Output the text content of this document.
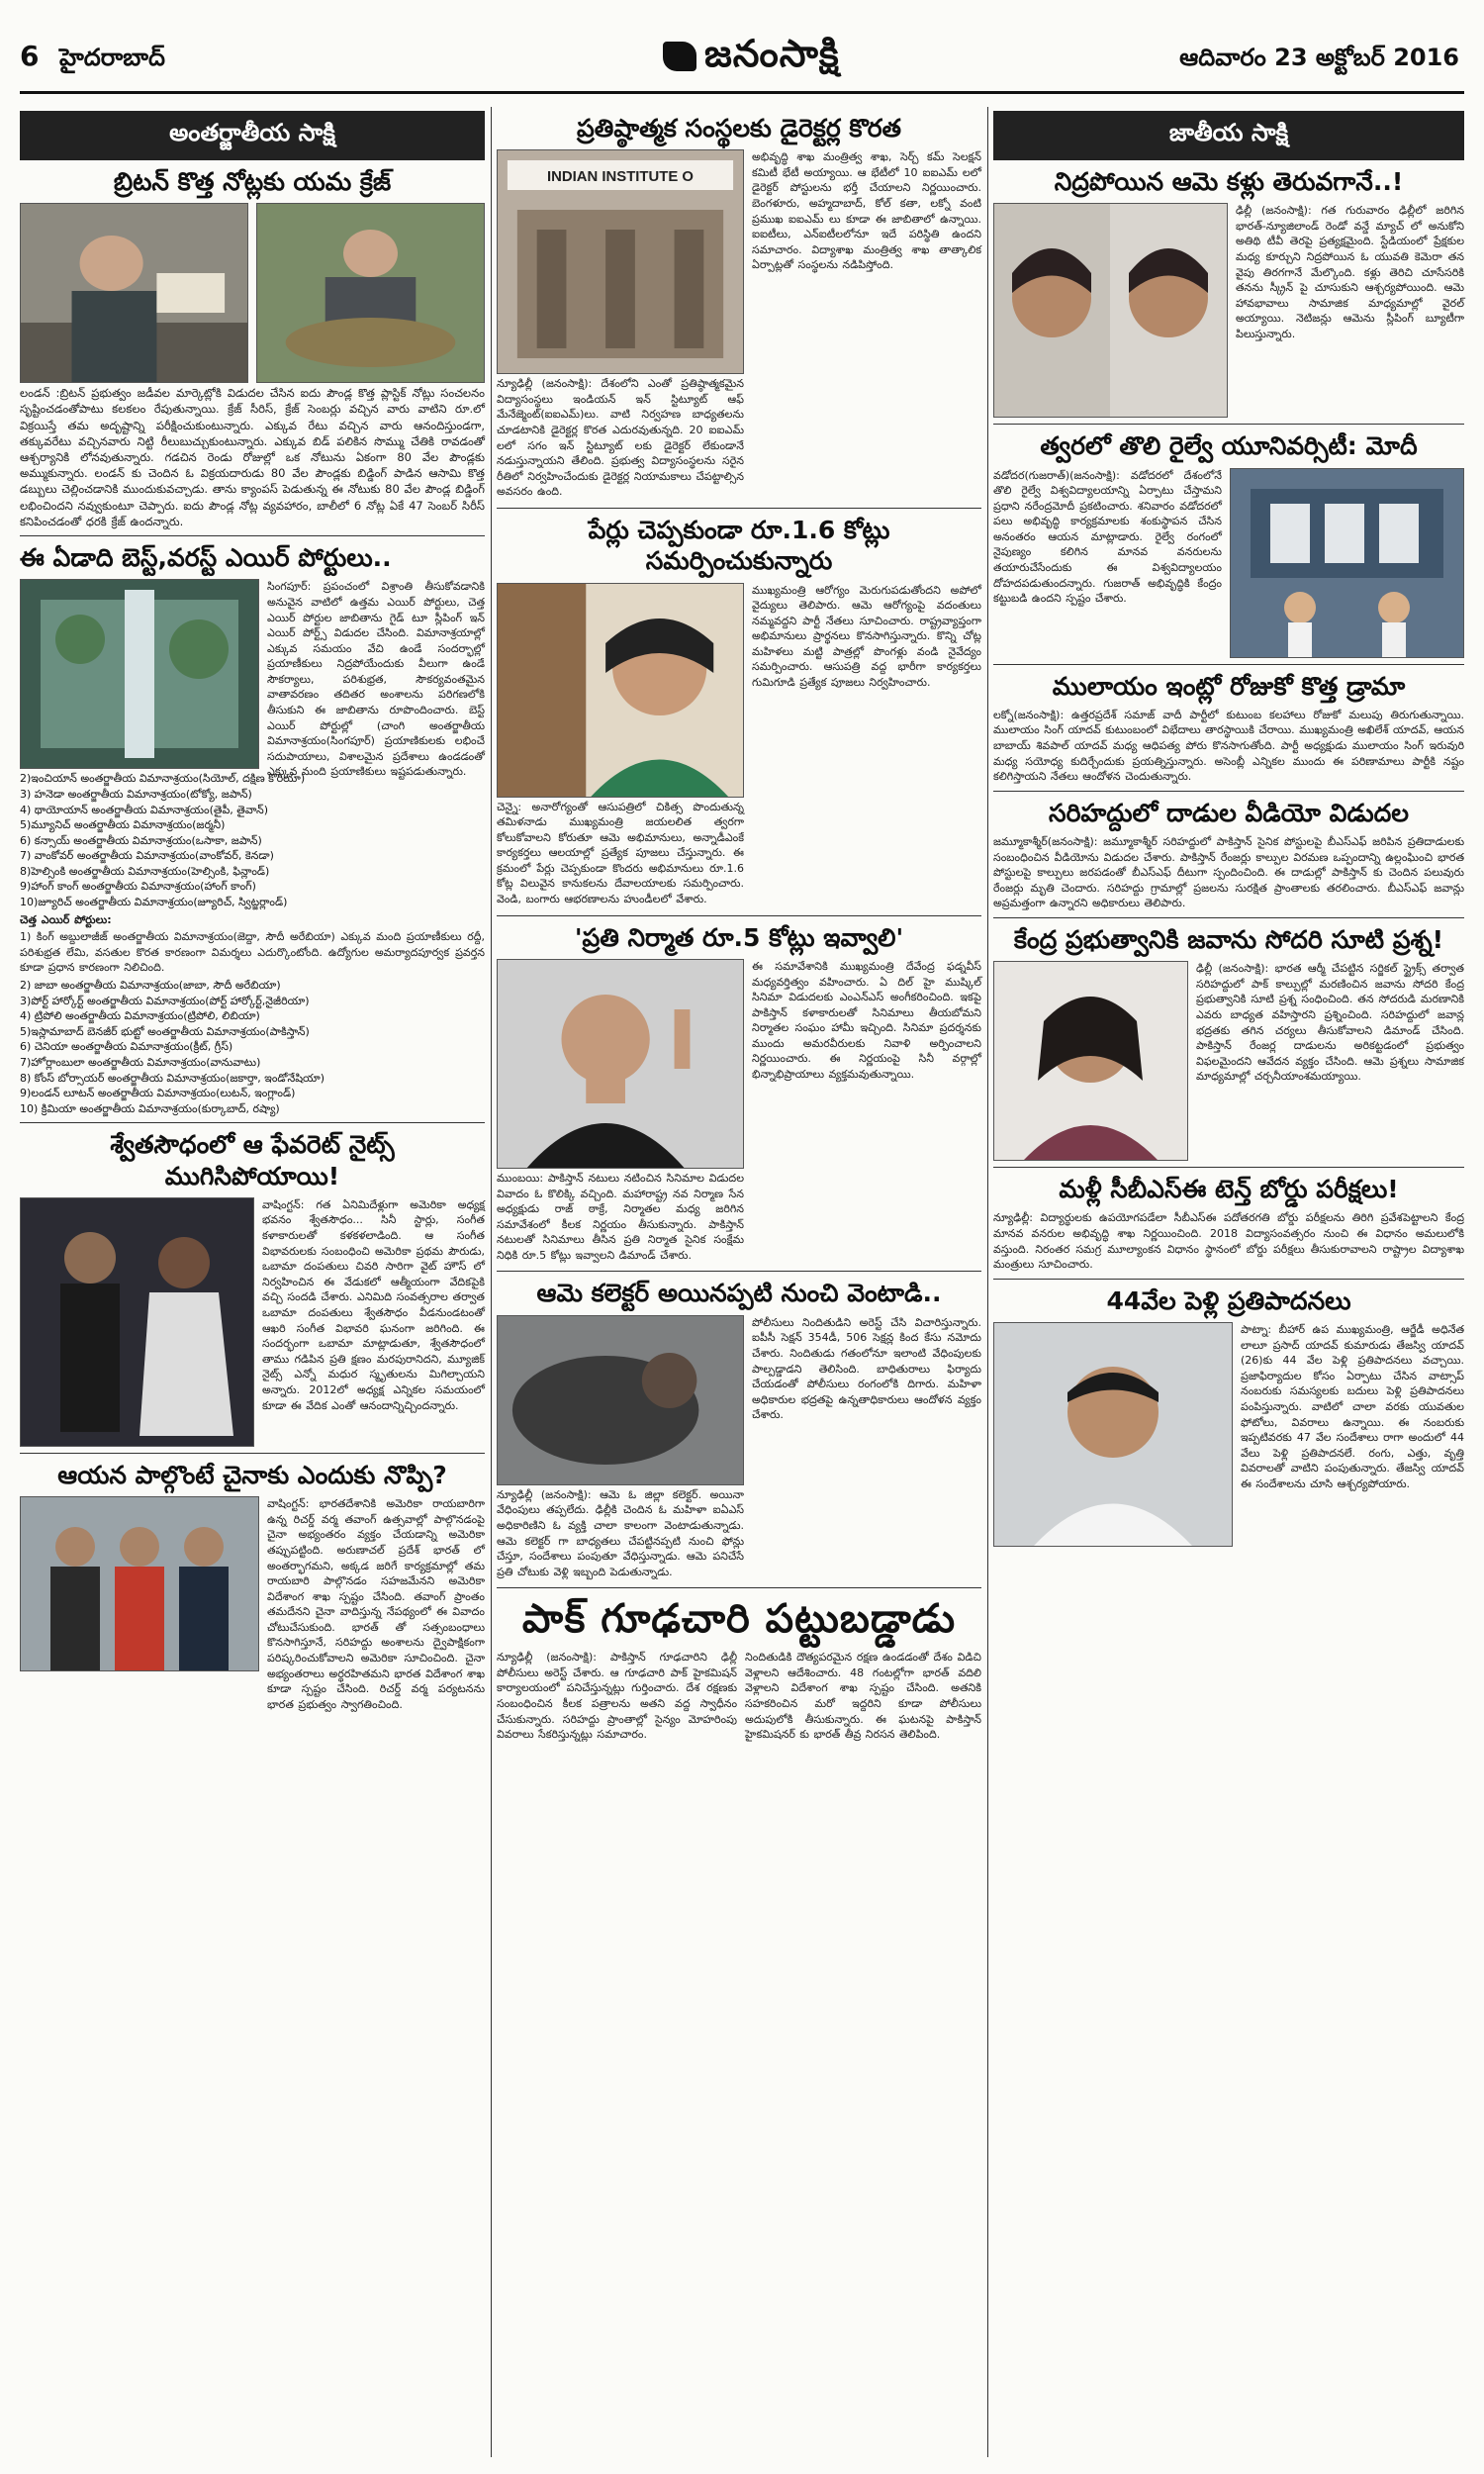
6 హైదరాబాద్	జనంసాక్షి	ఆదివారం 23 అక్టోబర్ 2016
అంతర్జాతీయ సాక్షి
బ్రిటన్ కొత్త నోట్లకు యమ క్రేజ్

లండన్ :బ్రిటన్ ప్రభుత్వం జడీవల మార్కెట్లోకి విడుదల చేసిన ఐదు పౌండ్ల కొత్త ప్లాస్టిక్ నోట్లు సంచలనం సృష్టించడంతోపాటు కలకలం రేపుతున్నాయి. క్రేజ్ సీరిస్, క్రేజ్ సెంబర్లు వచ్చిన వారు వాటిని రూ.లో విక్రయిస్తే తమ అదృష్టాన్ని పరీక్షించుకుంటున్నారు. ఎక్కువ రేటు వచ్చిన వారు ఆనందిస్తుండగా, తక్కువరేటు వచ్చినవారు నిట్టి రీలుబుచ్చుకుంటున్నారు. ఎక్కువ బిడ్ పలికిన సొమ్ము చేతికి రావడంతో ఆశ్చర్యానికి లోనవుతున్నారు. గడచిన రెండు రోజుల్లో ఒక నోటును ఏకంగా 80 వేల పౌండ్లకు అమ్ముకున్నారు. లండన్ కు చెందిన ఓ విక్రయదారుడు 80 వేల పౌండ్లకు బిడ్డింగ్ పాడిన ఆసామి కొత్త డబ్బులు చెల్లించడానికి ముందుకువచ్చాడు. తాను క్యాంపస్ పెడుతున్న ఈ నోటుకు 80 వేల పౌండ్ల బిడ్డింగ్ లభించిందని నవ్వుకుంటూ చెప్పారు. ఐదు పౌండ్ల నోట్ల వ్యవహారం, బాలీలో 6 నోట్ల ఏకే 47 సెంబర్ సిరీస్ కనిపించడంతో ధరకి క్రేజ్ ఉందన్నారు.

ఈ ఏడాది బెస్ట్,వరస్ట్ ఎయిర్ పోర్టులు..

సింగపూర్: ప్రపంచంలో విశ్రాంతి తీసుకోవడానికి అనువైన వాటిలో ఉత్తమ ఎయిర్ పోర్టులు, చెత్త ఎయిర్ పోర్టుల జాబితాను గైడ్ టూ స్లీపింగ్ ఇన్ ఎయిర్ పోర్ట్స్ విడుదల చేసింది. విమానాశ్రయాల్లో ఎక్కువ సమయం వేచి ఉండే సందర్భాల్లో ప్రయాణీకులు నిద్రపోయేందుకు వీలుగా ఉండే సౌకర్యాలు, పరిశుభ్రత, సౌకర్యవంతమైన వాతావరణం తదితర అంశాలను పరిగణలోకి తీసుకుని ఈ జాబితాను రూపొందించారు. బెస్ట్ ఎయిర్ పోర్టుల్లో (చాంగి అంతర్జాతీయ విమానాశ్రయం(సింగపూర్) ప్రయాణికులకు లభించే సదుపాయాలు, విశాలమైన ప్రదేశాలు ఉండడంతో ఎక్కువ మంది ప్రయాణికులు ఇష్టపడుతున్నారు.

2)ఇంచియాన్ అంతర్జాతీయ విమానాశ్రయం(సియోల్, దక్షిణ కొరియా)
3) హనెడా అంతర్జాతీయ విమానాశ్రయం(టోక్యో, జపాన్)
4) థాయోయాన్ అంతర్జాతీయ విమానాశ్రయం(తైపీ, తైవాన్)
5)మ్యూనిచ్ అంతర్జాతీయ విమానాశ్రయం(జర్మనీ)
6) కన్సాయ్ అంతర్జాతీయ విమానాశ్రయం(ఒసాకా, జపాన్)
7) వాంకోవర్ అంతర్జాతీయ విమానాశ్రయం(వాంకోవర్, కెనడా)
8)హెల్సింకి అంతర్జాతీయ విమానాశ్రయం(హెల్సింకి, ఫిన్లాండ్)
9)హాంగ్ కాంగ్ అంతర్జాతీయ విమానాశ్రయం(హాంగ్ కాంగ్)
10)జ్యూరిచ్ అంతర్జాతీయ విమానాశ్రయం(జ్యూరిచ్, స్విట్జర్లాండ్)
చెత్త ఎయిర్ పోర్టులు:

1) కింగ్ అబ్దులాజీజ్ అంతర్జాతీయ విమానాశ్రయం(జెద్దా, సౌదీ అరేబియా) ఎక్కువ మంది ప్రయాణీకులు రద్దీ, పరిశుభ్రత లేమి, వసతుల కొరత కారణంగా విమర్శలు ఎదుర్కొంటోంది. ఉద్యోగుల అమర్యాదపూర్వక ప్రవర్తన కూడా ప్రధాన కారణంగా నిలిచింది.

2) జాబా అంతర్జాతీయ విమానాశ్రయం(జాబా, సౌదీ అరేబియా)
3)పోర్ట్ హార్కోర్ట్ అంతర్జాతీయ విమానాశ్రయం(పోర్ట్ హార్కోర్ట్,నైజీరియా)
4) ట్రిపోలి అంతర్జాతీయ విమానాశ్రయం(ట్రిపోలి, లిబియా)
5)ఇస్లామాబాద్ బెనజీర్ భుట్టో అంతర్జాతీయ విమానాశ్రయం(పాకిస్తాన్)
6) చెనియా అంతర్జాతీయ విమానాశ్రయం(క్రీట్, గ్రీస్)
7)హోర్లాంబులా అంతర్జాతీయ విమానాశ్రయం(వానువాటు)
8) కోంస్ బోర్సాయర్ అంతర్జాతీయ విమానాశ్రయం(జకార్తా, ఇండోనేషియా)
9)లండన్ లూటన్ అంతర్జాతీయ విమానాశ్రయం(లుటన్, ఇంగ్లాండ్)
10) క్రిమియా అంతర్జాతీయ విమానాశ్రయం(కుర్కాబాద్, రష్యా)
శ్వేతసౌధంలో ఆ ఫేవరెట్ నైట్స్ ముగిసిపోయాయి!

వాషింగ్టన్: గత ఏనిమిదేళ్లుగా అమెరికా అధ్యక్ష భవనం శ్వేతసౌధం... సినీ స్టార్లు, సంగీత కళాకారులతో కళకళలాడింది. ఆ సంగీత విభావరులకు సంబంధించి అమెరికా ప్రథమ పౌరుడు, ఒబామా దంపతులు చివరి సారిగా వైట్ హౌస్ లో నిర్వహించిన ఈ వేడుకలో ఆత్మీయంగా వేదికపైకి వచ్చి సందడి చేశారు. ఎనిమిది సంవత్సరాల తర్వాత ఒబామా దంపతులు శ్వేతసౌధం వీడనుండటంతో ఆఖరి సంగీత విభావరి ఘనంగా జరిగింది. ఈ సందర్భంగా ఒబామా మాట్లాడుతూ, శ్వేతసౌధంలో తాము గడిపిన ప్రతి క్షణం మరపురానిదని, మ్యూజిక్ నైట్స్ ఎన్నో మధుర స్మృతులను మిగిల్చాయని అన్నారు. 2012లో అధ్యక్ష ఎన్నికల సమయంలో కూడా ఈ వేదిక ఎంతో ఆనందాన్నిచ్చిందన్నారు.

ఆయన పాల్గొంటే చైనాకు ఎందుకు నొప్పి?

వాషింగ్టన్: భారతదేశానికి అమెరికా రాయబారిగా ఉన్న రిచర్డ్ వర్మ తవాంగ్ ఉత్సవాల్లో పాల్గొనడంపై చైనా అభ్యంతరం వ్యక్తం చేయడాన్ని అమెరికా తప్పుపట్టింది. అరుణాచల్ ప్రదేశ్ భారత్ లో అంతర్భాగమని, అక్కడ జరిగే కార్యక్రమాల్లో తమ రాయబారి పాల్గొనడం సహజమేనని అమెరికా విదేశాంగ శాఖ స్పష్టం చేసింది. తవాంగ్ ప్రాంతం తమదేనని చైనా వాదిస్తున్న నేపథ్యంలో ఈ వివాదం చోటుచేసుకుంది. భారత్ తో సత్సంబంధాలు కొనసాగిస్తూనే, సరిహద్దు అంశాలను ద్వైపాక్షికంగా పరిష్కరించుకోవాలని అమెరికా సూచించింది. చైనా అభ్యంతరాలు అర్థరహితమని భారత విదేశాంగ శాఖ కూడా స్పష్టం చేసింది. రిచర్డ్ వర్మ పర్యటనను భారత ప్రభుత్వం స్వాగతించింది.

ప్రతిష్ఠాత్మక సంస్థలకు డైరెక్టర్ల కొరత
INDIAN INSTITUTE O

న్యూఢిల్లీ (జనంసాక్షి): దేశంలోని ఎంతో ప్రతిష్ఠాత్మకమైన విద్యాసంస్థలు ఇండియన్ ఇన్ స్టిట్యూట్ ఆఫ్ మేనేజ్మెంట్(ఐఐఎమ్)లు. వాటి నిర్వహణ బాధ్యతలను చూడటానికి డైరెక్టర్ల కొరత ఎదురవుతున్నది. 20 ఐఐఎమ్ లలో సగం ఇన్ స్టిట్యూట్ లకు డైరెక్టర్ లేకుండానే నడుస్తున్నాయని తేలింది. ప్రభుత్వ విద్యాసంస్థలను సరైన రీతిలో నిర్వహించేందుకు డైరెక్టర్ల నియామకాలు చేపట్టాల్సిన అవసరం ఉంది.

అభివృద్ధి శాఖ మంత్రిత్వ శాఖ, సెర్చ్ కమ్ సెలక్షన్ కమిటీ భేటీ అయ్యాయి. ఆ భేటీలో 10 ఐఐఎమ్ లలో డైరెక్టర్ పోస్టులను భర్తీ చేయాలని నిర్ణయించారు. బెంగళూరు, అహ్మదాబాద్, కోల్ కతా, లక్నో వంటి ప్రముఖ ఐఐఎమ్ లు కూడా ఈ జాబితాలో ఉన్నాయి. ఐఐటీలు, ఎన్ఐటీలలోనూ ఇదే పరిస్థితి ఉందని సమాచారం. విద్యాశాఖ మంత్రిత్వ శాఖ తాత్కాలిక ఏర్పాట్లతో సంస్థలను నడిపిస్తోంది.

పేర్లు చెప్పకుండా రూ.1.6 కోట్లు సమర్పించుకున్నారు

చెన్నై: అనారోగ్యంతో ఆసుపత్రిలో చికిత్స పొందుతున్న తమిళనాడు ముఖ్యమంత్రి జయలలిత త్వరగా కోలుకోవాలని కోరుతూ ఆమె అభిమానులు, అన్నాడీఎంకే కార్యకర్తలు ఆలయాల్లో ప్రత్యేక పూజలు చేస్తున్నారు. ఈ క్రమంలో పేర్లు చెప్పకుండా కొందరు అభిమానులు రూ.1.6 కోట్ల విలువైన కానుకలను దేవాలయాలకు సమర్పించారు. వెండి, బంగారు ఆభరణాలను హుండీలలో వేశారు.

ముఖ్యమంత్రి ఆరోగ్యం మెరుగుపడుతోందని అపోలో వైద్యులు తెలిపారు. ఆమె ఆరోగ్యంపై వదంతులు నమ్మవద్దని పార్టీ నేతలు సూచించారు. రాష్ట్రవ్యాప్తంగా అభిమానులు ప్రార్థనలు కొనసాగిస్తున్నారు. కొన్ని చోట్ల మహిళలు మట్టి పాత్రల్లో పొంగళ్లు వండి నైవేద్యం సమర్పించారు. ఆసుపత్రి వద్ద భారీగా కార్యకర్తలు గుమిగూడి ప్రత్యేక పూజలు నిర్వహించారు.

'ప్రతి నిర్మాత రూ.5 కోట్లు ఇవ్వాలి'

ముంబయి: పాకిస్తాన్ నటులు నటించిన సినిమాల విడుదల వివాదం ఓ కొలిక్కి వచ్చింది. మహారాష్ట్ర నవ నిర్మాణ సేన అధ్యక్షుడు రాజ్ ఠాక్రే, నిర్మాతల మధ్య జరిగిన సమావేశంలో కీలక నిర్ణయం తీసుకున్నారు. పాకిస్తాన్ నటులతో సినిమాలు తీసిన ప్రతి నిర్మాత సైనిక సంక్షేమ నిధికి రూ.5 కోట్లు ఇవ్వాలని డిమాండ్ చేశారు.

ఈ సమావేశానికి ముఖ్యమంత్రి దేవేంద్ర ఫడ్నవీస్ మధ్యవర్తిత్వం వహించారు. ఏ దిల్ హై ముష్కిల్ సినిమా విడుదలకు ఎంఎన్ఎస్ అంగీకరించింది. ఇకపై పాకిస్తాన్ కళాకారులతో సినిమాలు తీయబోమని నిర్మాతల సంఘం హామీ ఇచ్చింది. సినిమా ప్రదర్శనకు ముందు అమరవీరులకు నివాళి అర్పించాలని నిర్ణయించారు. ఈ నిర్ణయంపై సినీ వర్గాల్లో భిన్నాభిప్రాయాలు వ్యక్తమవుతున్నాయి.

ఆమె కలెక్టర్ అయినప్పటి నుంచి వెంటాడి..

న్యూఢిల్లీ (జనంసాక్షి): ఆమె ఓ జిల్లా కలెక్టర్. అయినా వేధింపులు తప్పలేదు. ఢిల్లీకి చెందిన ఓ మహిళా ఐఏఎస్ అధికారిణిని ఓ వ్యక్తి చాలా కాలంగా వెంటాడుతున్నాడు. ఆమె కలెక్టర్ గా బాధ్యతలు చేపట్టినప్పటి నుంచి ఫోన్లు చేస్తూ, సందేశాలు పంపుతూ వేధిస్తున్నాడు. ఆమె పనిచేసే ప్రతి చోటుకు వెళ్లి ఇబ్బంది పెడుతున్నాడు.

పోలీసులు నిందితుడిని అరెస్ట్ చేసి విచారిస్తున్నారు. ఐపీసీ సెక్షన్ 354డీ, 506 సెక్షన్ల కింద కేసు నమోదు చేశారు. నిందితుడు గతంలోనూ ఇలాంటి వేధింపులకు పాల్పడ్డాడని తెలిసింది. బాధితురాలు ఫిర్యాదు చేయడంతో పోలీసులు రంగంలోకి దిగారు. మహిళా అధికారుల భద్రతపై ఉన్నతాధికారులు ఆందోళన వ్యక్తం చేశారు.

పాక్ గూఢచారి పట్టుబడ్డాడు

న్యూఢిల్లీ (జనంసాక్షి): పాకిస్తాన్ గూఢచారిని ఢిల్లీ పోలీసులు అరెస్ట్ చేశారు. ఆ గూఢచారి పాక్ హైకమిషన్ కార్యాలయంలో పనిచేస్తున్నట్లు గుర్తించారు. దేశ రక్షణకు సంబంధించిన కీలక పత్రాలను అతని వద్ద స్వాధీనం చేసుకున్నారు. సరిహద్దు ప్రాంతాల్లో సైన్యం మోహరింపు వివరాలు సేకరిస్తున్నట్లు సమాచారం.

నిందితుడికి దౌత్యపరమైన రక్షణ ఉండడంతో దేశం విడిచి వెళ్లాలని ఆదేశించారు. 48 గంటల్లోగా భారత్ వదిలి వెళ్లాలని విదేశాంగ శాఖ స్పష్టం చేసింది. అతనికి సహకరించిన మరో ఇద్దరిని కూడా పోలీసులు అదుపులోకి తీసుకున్నారు. ఈ ఘటనపై పాకిస్తాన్ హైకమిషనర్ కు భారత్ తీవ్ర నిరసన తెలిపింది.

జాతీయ సాక్షి
నిద్రపోయిన ఆమె కళ్లు తెరువగానే..!

ఢిల్లీ (జనంసాక్షి): గత గురువారం ఢిల్లీలో జరిగిన భారత్-న్యూజిలాండ్ రెండో వన్డే మ్యాచ్ లో అనుకోని అతిథి టీవీ తెరపై ప్రత్యక్షమైంది. స్టేడియంలో ప్రేక్షకుల మధ్య కూర్చుని నిద్రపోయిన ఓ యువతి కెమెరా తన వైపు తిరగగానే మేల్కొంది. కళ్లు తెరిచి చూసేసరికి తనను స్క్రీన్ పై చూసుకుని ఆశ్చర్యపోయింది. ఆమె హావభావాలు సామాజిక మాధ్యమాల్లో వైరల్ అయ్యాయి. నెటిజన్లు ఆమెను స్లీపింగ్ బ్యూటీగా పిలుస్తున్నారు.

త్వరలో తొలి రైల్వే యూనివర్సిటీ: మోదీ

వడోదర(గుజరాత్)(జనంసాక్షి): వడోదరలో దేశంలోనే తొలి రైల్వే విశ్వవిద్యాలయాన్ని ఏర్పాటు చేస్తామని ప్రధాని నరేంద్రమోదీ ప్రకటించారు. శనివారం వడోదరలో పలు అభివృద్ధి కార్యక్రమాలకు శంకుస్థాపన చేసిన అనంతరం ఆయన మాట్లాడారు. రైల్వే రంగంలో నైపుణ్యం కలిగిన మానవ వనరులను తయారుచేసేందుకు ఈ విశ్వవిద్యాలయం దోహదపడుతుందన్నారు. గుజరాత్ అభివృద్ధికి కేంద్రం కట్టుబడి ఉందని స్పష్టం చేశారు.

ములాయం ఇంట్లో రోజుకో కొత్త డ్రామా

లక్నో(జనంసాక్షి): ఉత్తరప్రదేశ్ సమాజ్ వాదీ పార్టీలో కుటుంబ కలహాలు రోజుకో మలుపు తిరుగుతున్నాయి. ములాయం సింగ్ యాదవ్ కుటుంబంలో విభేదాలు తారస్థాయికి చేరాయి. ముఖ్యమంత్రి అఖిలేశ్ యాదవ్, ఆయన బాబాయ్ శివపాల్ యాదవ్ మధ్య ఆధిపత్య పోరు కొనసాగుతోంది. పార్టీ అధ్యక్షుడు ములాయం సింగ్ ఇరువురి మధ్య సయోధ్య కుదిర్చేందుకు ప్రయత్నిస్తున్నారు. అసెంబ్లీ ఎన్నికల ముందు ఈ పరిణామాలు పార్టీకి నష్టం కలిగిస్తాయని నేతలు ఆందోళన చెందుతున్నారు.

సరిహద్దులో దాడుల వీడియో విడుదల

జమ్మూకాశ్మీర్(జనంసాక్షి): జమ్మూకాశ్మీర్ సరిహద్దులో పాకిస్తాన్ సైనిక పోస్టులపై బీఎస్ఎఫ్ జరిపిన ప్రతిదాడులకు సంబంధించిన వీడియోను విడుదల చేశారు. పాకిస్తాన్ రేంజర్లు కాల్పుల విరమణ ఒప్పందాన్ని ఉల్లంఘించి భారత పోస్టులపై కాల్పులు జరపడంతో బీఎస్ఎఫ్ దీటుగా స్పందించింది. ఈ దాడుల్లో పాకిస్తాన్ కు చెందిన పలువురు రేంజర్లు మృతి చెందారు. సరిహద్దు గ్రామాల్లో ప్రజలను సురక్షిత ప్రాంతాలకు తరలించారు. బీఎస్ఎఫ్ జవాన్లు అప్రమత్తంగా ఉన్నారని అధికారులు తెలిపారు.

కేంద్ర ప్రభుత్వానికి జవాను సోదరి సూటి ప్రశ్న!

ఢిల్లీ (జనంసాక్షి): భారత ఆర్మీ చేపట్టిన సర్జికల్ స్ట్రైక్స్ తర్వాత సరిహద్దులో పాక్ కాల్పుల్లో మరణించిన జవాను సోదరి కేంద్ర ప్రభుత్వానికి సూటి ప్రశ్న సంధించింది. తన సోదరుడి మరణానికి ఎవరు బాధ్యత వహిస్తారని ప్రశ్నించింది. సరిహద్దులో జవాన్ల భద్రతకు తగిన చర్యలు తీసుకోవాలని డిమాండ్ చేసింది. పాకిస్తాన్ రేంజర్ల దాడులను అరికట్టడంలో ప్రభుత్వం విఫలమైందని ఆవేదన వ్యక్తం చేసింది. ఆమె ప్రశ్నలు సామాజిక మాధ్యమాల్లో చర్చనీయాంశమయ్యాయి.

మళ్లీ సీబీఎస్ఈ టెన్త్ బోర్డు పరీక్షలు!

న్యూఢిల్లీ: విద్యార్థులకు ఉపయోగపడేలా సీబీఎస్ఈ పదోతరగతి బోర్డు పరీక్షలను తిరిగి ప్రవేశపెట్టాలని కేంద్ర మానవ వనరుల అభివృద్ధి శాఖ నిర్ణయించింది. 2018 విద్యాసంవత్సరం నుంచి ఈ విధానం అమలులోకి వస్తుంది. నిరంతర సమగ్ర మూల్యాంకన విధానం స్థానంలో బోర్డు పరీక్షలు తీసుకురావాలని రాష్ట్రాల విద్యాశాఖ మంత్రులు సూచించారు.

44వేల పెళ్లి ప్రతిపాదనలు

పాట్నా: బీహార్ ఉప ముఖ్యమంత్రి, ఆర్జేడీ అధినేత లాలూ ప్రసాద్ యాదవ్ కుమారుడు తేజస్వి యాదవ్ (26)కు 44 వేల పెళ్లి ప్రతిపాదనలు వచ్చాయి. ప్రజాఫిర్యాదుల కోసం ఏర్పాటు చేసిన వాట్సాప్ నంబరుకు సమస్యలకు బదులు పెళ్లి ప్రతిపాదనలు పంపిస్తున్నారు. వాటిలో చాలా వరకు యువతుల ఫోటోలు, వివరాలు ఉన్నాయి. ఈ నంబరుకు ఇప్పటివరకు 47 వేల సందేశాలు రాగా అందులో 44 వేలు పెళ్లి ప్రతిపాదనలే. రంగు, ఎత్తు, వృత్తి వివరాలతో వాటిని పంపుతున్నారు. తేజస్వి యాదవ్ ఈ సందేశాలను చూసి ఆశ్చర్యపోయారు.
